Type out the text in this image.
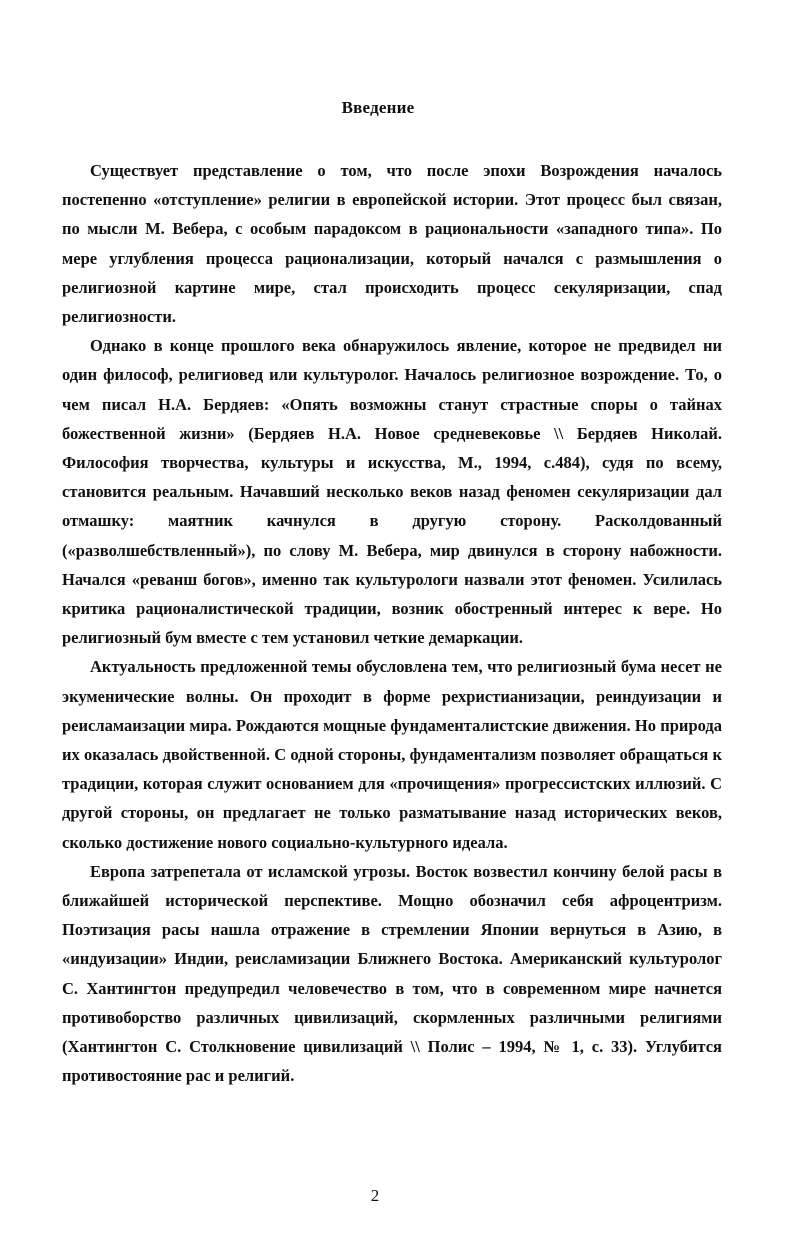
Введение

Существует представление о том, что после эпохи Возрождения началось постепенно «отступление» религии в европейской истории. Этот процесс был связан, по мысли М. Вебера, с особым парадоксом в рациональности «западного типа». По мере углубления процесса рационализации, который начался с размышления о религиозной картине мире, стал происходить процесс секуляризации, спад религиозности.

Однако в конце прошлого века обнаружилось явление, которое не предвидел ни один философ, религиовед или культуролог. Началось религиозное возрождение. То, о чем писал Н.А. Бердяев: «Опять возможны станут страстные споры о тайнах божественной жизни» (Бердяев Н.А. Новое средневековье \\ Бердяев Николай. Философия творчества, культуры и искусства, М., 1994, с.484), судя по всему, становится реальным. Начавший несколько веков назад феномен секуляризации дал отмашку: маятник качнулся в другую сторону. Расколдованный («разволшебствленный»), по слову М. Вебера, мир двинулся в сторону набожности. Начался «реванш богов», именно так культурологи назвали этот феномен. Усилилась критика рационалистической традиции, возник обостренный интерес к вере. Но религиозный бум вместе с тем установил четкие демаркации.

Актуальность предложенной темы обусловлена тем, что религиозный бума несет не экуменические волны. Он проходит в форме рехристианизации, реиндуизации и реисламаизации мира. Рождаются мощные фундаменталистские движения. Но природа их оказалась двойственной. С одной стороны, фундаментализм позволяет обращаться к традиции, которая служит основанием для «прочищения» прогрессистских иллюзий. С другой стороны, он предлагает не только разматывание назад исторических веков, сколько достижение нового социально-культурного идеала.

Европа затрепетала от исламской угрозы. Восток возвестил кончину белой расы в ближайшей исторической перспективе. Мощно обозначил себя афроцентризм. Поэтизация расы нашла отражение в стремлении Японии вернуться в Азию, в «индуизации» Индии, реисламизации Ближнего Востока. Американский культуролог С. Хантингтон предупредил человечество в том, что в современном мире начнется противоборство различных цивилизаций, скормленных различными религиями (Хантингтон С. Столкновение цивилизаций \\ Полис – 1994, № 1, с. 33). Углубится противостояние рас и религий.

2
